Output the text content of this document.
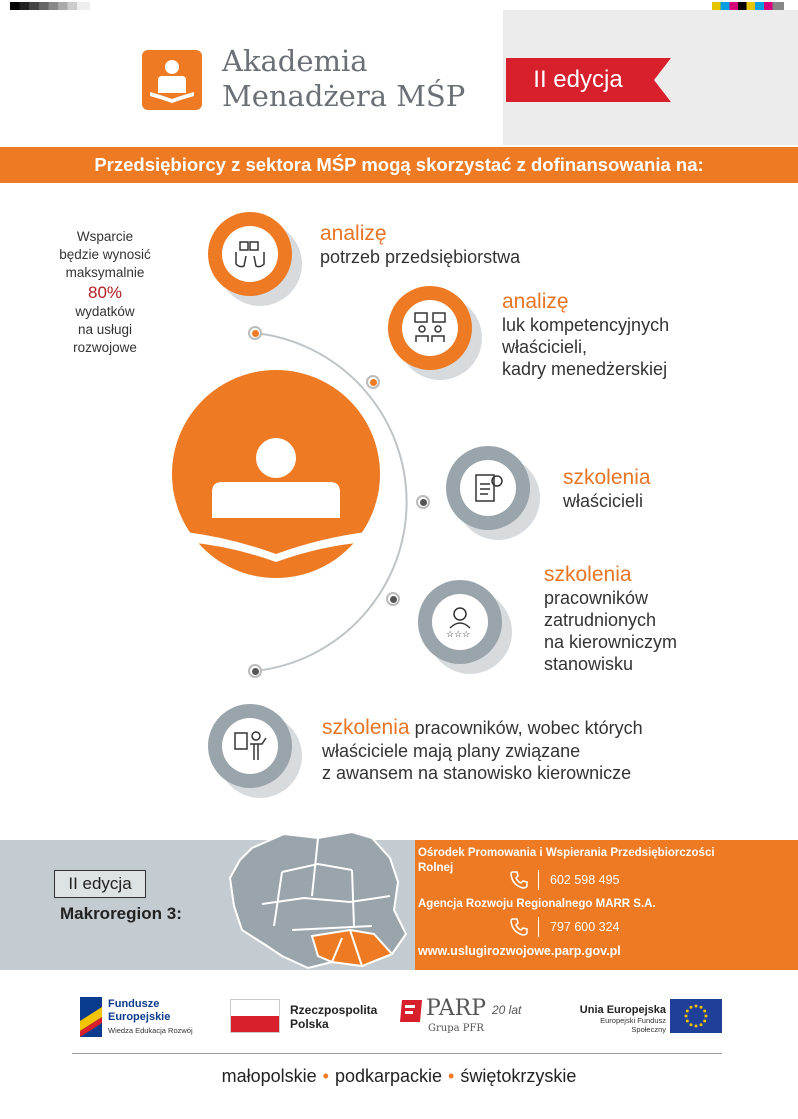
Akademia
Menadżera MŚP	II edycja
Przedsiębiorcy z sektora MŚP mogą skorzystać z dofinansowania na:
Wsparcie
będzie wynosić
maksymalnie
80%
wydatków
na usługi
rozwojowe
analizę
potrzeb przedsiębiorstwa
analizę
luk kompetencyjnych
właścicieli,
kadry menedżerskiej
szkolenia
właścicieli
☆☆☆
szkolenia
pracowników
zatrudnionych
na kierowniczym
stanowisku
szkolenia pracowników, wobec których
właściciele mają plany związane
z awansem na stanowisko kierownicze
II edycja
Makroregion 3:
Ośrodek Promowania i Wspierania Przedsiębiorczości
Rolnej
602 598 495
Agencja Rozwoju Regionalnego MARR S.A.
797 600 324
www.uslugirozwojowe.parp.gov.pl
Fundusze
Europejskie
Wiedza Edukacja Rozwój
Rzeczpospolita
Polska
PARP 20 lat
Grupa PFR
Unia Europejska
Europejski Fundusz Społeczny
małopolskie • podkarpackie • świętokrzyskie
